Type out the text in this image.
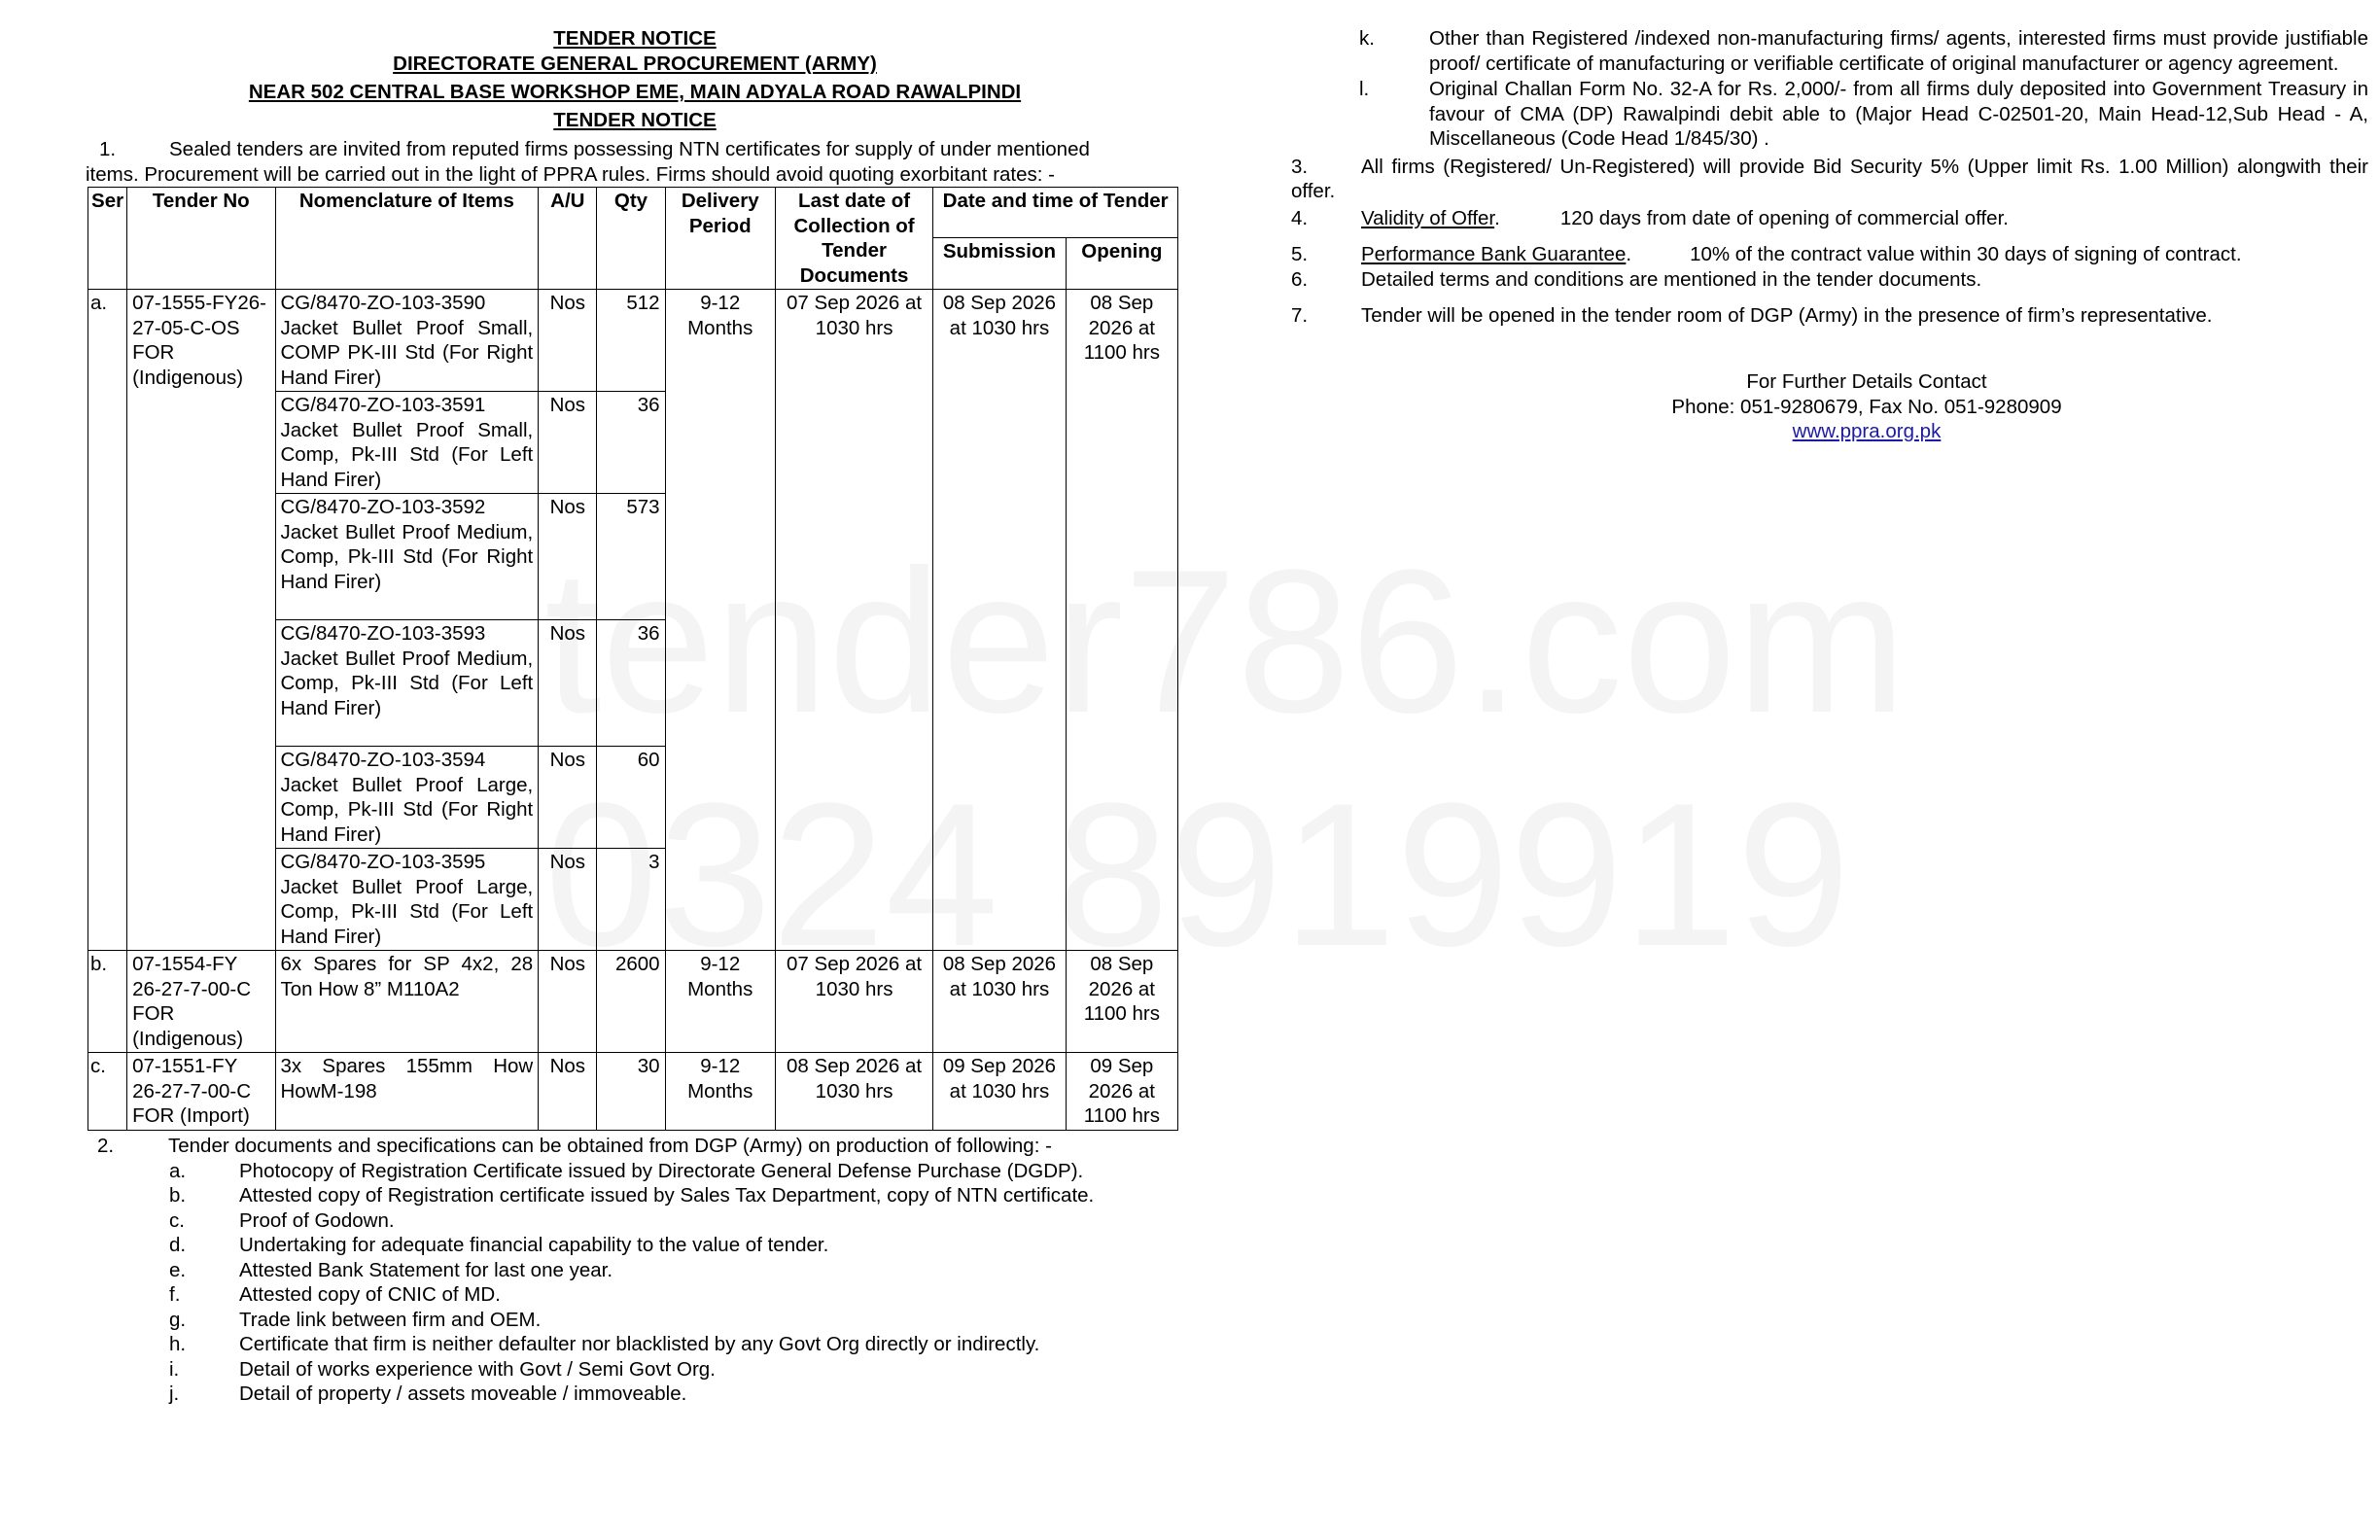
TENDER NOTICE
DIRECTORATE GENERAL PROCUREMENT (ARMY)
NEAR 502 CENTRAL BASE WORKSHOP EME, MAIN ADYALA ROAD RAWALPINDI
TENDER NOTICE
1.	Sealed tenders are invited from reputed firms possessing NTN certificates for supply of under mentioned
items. Procurement will be carried out in the light of PPRA rules. Firms should avoid quoting exorbitant rates: -
Ser	Tender No	Nomenclature of Items	A/U	Qty	Delivery Period	Last date of Collection of Tender Documents	Date and time of Tender	
							Submission	Opening
a.	07-1555-FY26-27-05-C-OS FOR (Indigenous)	CG/8470-ZO-103-3590 Jacket Bullet Proof Small, COMP PK-III Std (For Right Hand Firer)	Nos	512	9-12 Months	07 Sep 2026 at 1030 hrs	08 Sep 2026 at 1030 hrs	08 Sep 2026 at 1100 hrs
		CG/8470-ZO-103-3591 Jacket Bullet Proof Small, Comp, Pk-III Std (For Left Hand Firer)	Nos	36				
		CG/8470-ZO-103-3592 Jacket Bullet Proof Medium, Comp, Pk-III Std (For Right Hand Firer)	Nos	573				
		CG/8470-ZO-103-3593 Jacket Bullet Proof Medium, Comp, Pk-III Std (For Left Hand Firer)	Nos	36				
		CG/8470-ZO-103-3594 Jacket Bullet Proof Large, Comp, Pk-III Std (For Right Hand Firer)	Nos	60				
		CG/8470-ZO-103-3595 Jacket Bullet Proof Large, Comp, Pk-III Std (For Left Hand Firer)	Nos	3				
b.	07-1554-FY 26-27-7-00-C FOR (Indigenous)	6x Spares for SP 4x2, 28 Ton How 8” M110A2	Nos	2600	9-12 Months	07 Sep 2026 at 1030 hrs	08 Sep 2026 at 1030 hrs	08 Sep 2026 at 1100 hrs
c.	07-1551-FY 26-27-7-00-C FOR (Import)	3x Spares 155mm How HowM-198	Nos	30	9-12 Months	08 Sep 2026 at 1030 hrs	09 Sep 2026 at 1030 hrs	09 Sep 2026 at 1100 hrs
2.	Tender documents and specifications can be obtained from DGP (Army) on production of following: -
a.	Photocopy of Registration Certificate issued by Directorate General Defense Purchase (DGDP).
b.	Attested copy of Registration certificate issued by Sales Tax Department, copy of NTN certificate.
c.	Proof of Godown.
d.	Undertaking for adequate financial capability to the value of tender.
e.	Attested Bank Statement for last one year.
f.	Attested copy of CNIC of MD.
g.	Trade link between firm and OEM.
h.	Certificate that firm is neither defaulter nor blacklisted by any Govt Org directly or indirectly.
i.	Detail of works experience with Govt / Semi Govt Org.
j.	Detail of property / assets moveable / immoveable.
k.	Other than Registered /indexed non-manufacturing firms/ agents, interested firms must provide justifiable proof/ certificate of manufacturing or verifiable certificate of original manufacturer or agency agreement.
l.	Original Challan Form No. 32-A for Rs. 2,000/- from all firms duly deposited into Government Treasury in favour of CMA (DP) Rawalpindi debit able to (Major Head C-02501-20, Main Head-12,Sub Head - A, Miscellaneous (Code Head 1/845/30) .
3.	All firms (Registered/ Un-Registered) will provide Bid Security 5% (Upper limit Rs. 1.00 Million) alongwith their offer.
4.	Validity of Offer.	120 days from date of opening of commercial offer.
5.	Performance Bank Guarantee.	10% of the contract value within 30 days of signing of contract.
6.	Detailed terms and conditions are mentioned in the tender documents.
7.	Tender will be opened in the tender room of DGP (Army) in the presence of firm’s representative.
For Further Details Contact
Phone: 051-9280679, Fax No. 051-9280909
www.ppra.org.pk
